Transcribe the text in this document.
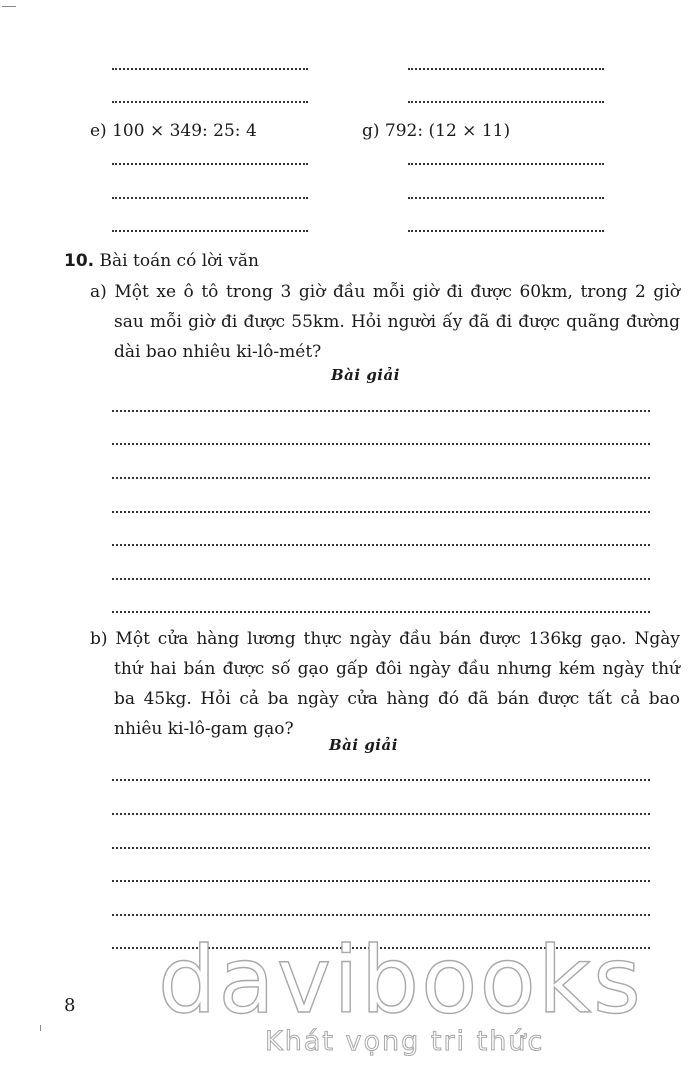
e) 100 × 349: 25: 4	g) 792: (12 × 11)
10. Bài toán có lời văn
a) Một xe ô tô trong 3 giờ đầu mỗi giờ đi được 60km, trong 2 giờ sau mỗi giờ đi được 55km. Hỏi người ấy đã đi được quãng đường dài bao nhiêu ki-lô-mét?
Bài giải
b) Một cửa hàng lương thực ngày đầu bán được 136kg gạo. Ngày thứ hai bán được số gạo gấp đôi ngày đầu nhưng kém ngày thứ ba 45kg. Hỏi cả ba ngày cửa hàng đó đã bán được tất cả bao nhiêu ki-lô-gam gạo?
Bài giải
davibooks
Khát vọng tri thức
8
